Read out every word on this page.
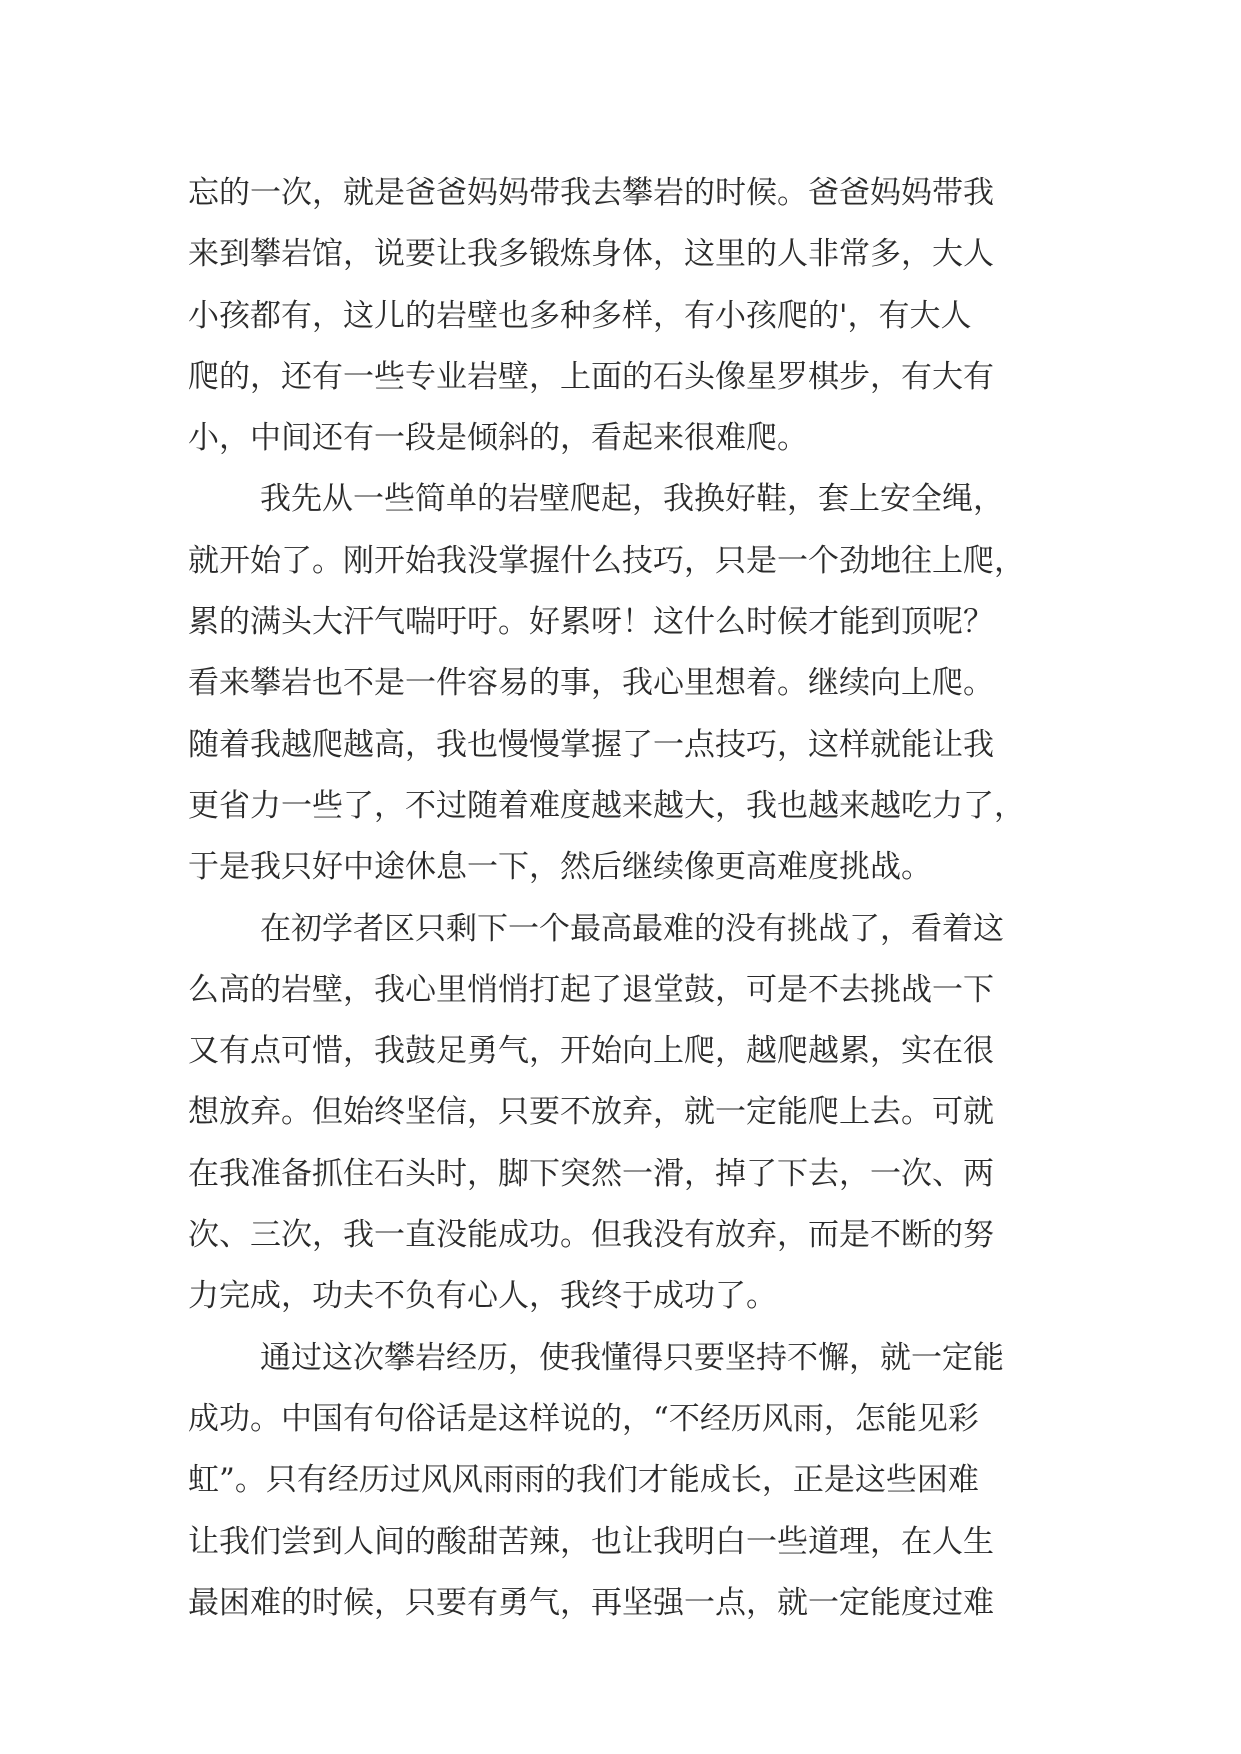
忘的一次，就是爸爸妈妈带我去攀岩的时候。爸爸妈妈带我
来到攀岩馆，说要让我多锻炼身体，这里的人非常多，大人
小孩都有，这儿的岩壁也多种多样，有小孩爬的'，有大人
爬的，还有一些专业岩壁，上面的石头像星罗棋步，有大有
小，中间还有一段是倾斜的，看起来很难爬。
我先从一些简单的岩壁爬起，我换好鞋，套上安全绳，
就开始了。刚开始我没掌握什么技巧，只是一个劲地往上爬，
累的满头大汗气喘吁吁。好累呀！这什么时候才能到顶呢？
看来攀岩也不是一件容易的事，我心里想着。继续向上爬。
随着我越爬越高，我也慢慢掌握了一点技巧，这样就能让我
更省力一些了，不过随着难度越来越大，我也越来越吃力了，
于是我只好中途休息一下，然后继续像更高难度挑战。
在初学者区只剩下一个最高最难的没有挑战了，看着这
么高的岩壁，我心里悄悄打起了退堂鼓，可是不去挑战一下
又有点可惜，我鼓足勇气，开始向上爬，越爬越累，实在很
想放弃。但始终坚信，只要不放弃，就一定能爬上去。可就
在我准备抓住石头时，脚下突然一滑，掉了下去，一次、两
次、三次，我一直没能成功。但我没有放弃，而是不断的努
力完成，功夫不负有心人，我终于成功了。
通过这次攀岩经历，使我懂得只要坚持不懈，就一定能
成功。中国有句俗话是这样说的，“不经历风雨，怎能见彩
虹”。只有经历过风风雨雨的我们才能成长，正是这些困难
让我们尝到人间的酸甜苦辣，也让我明白一些道理，在人生
最困难的时候，只要有勇气，再坚强一点，就一定能度过难
